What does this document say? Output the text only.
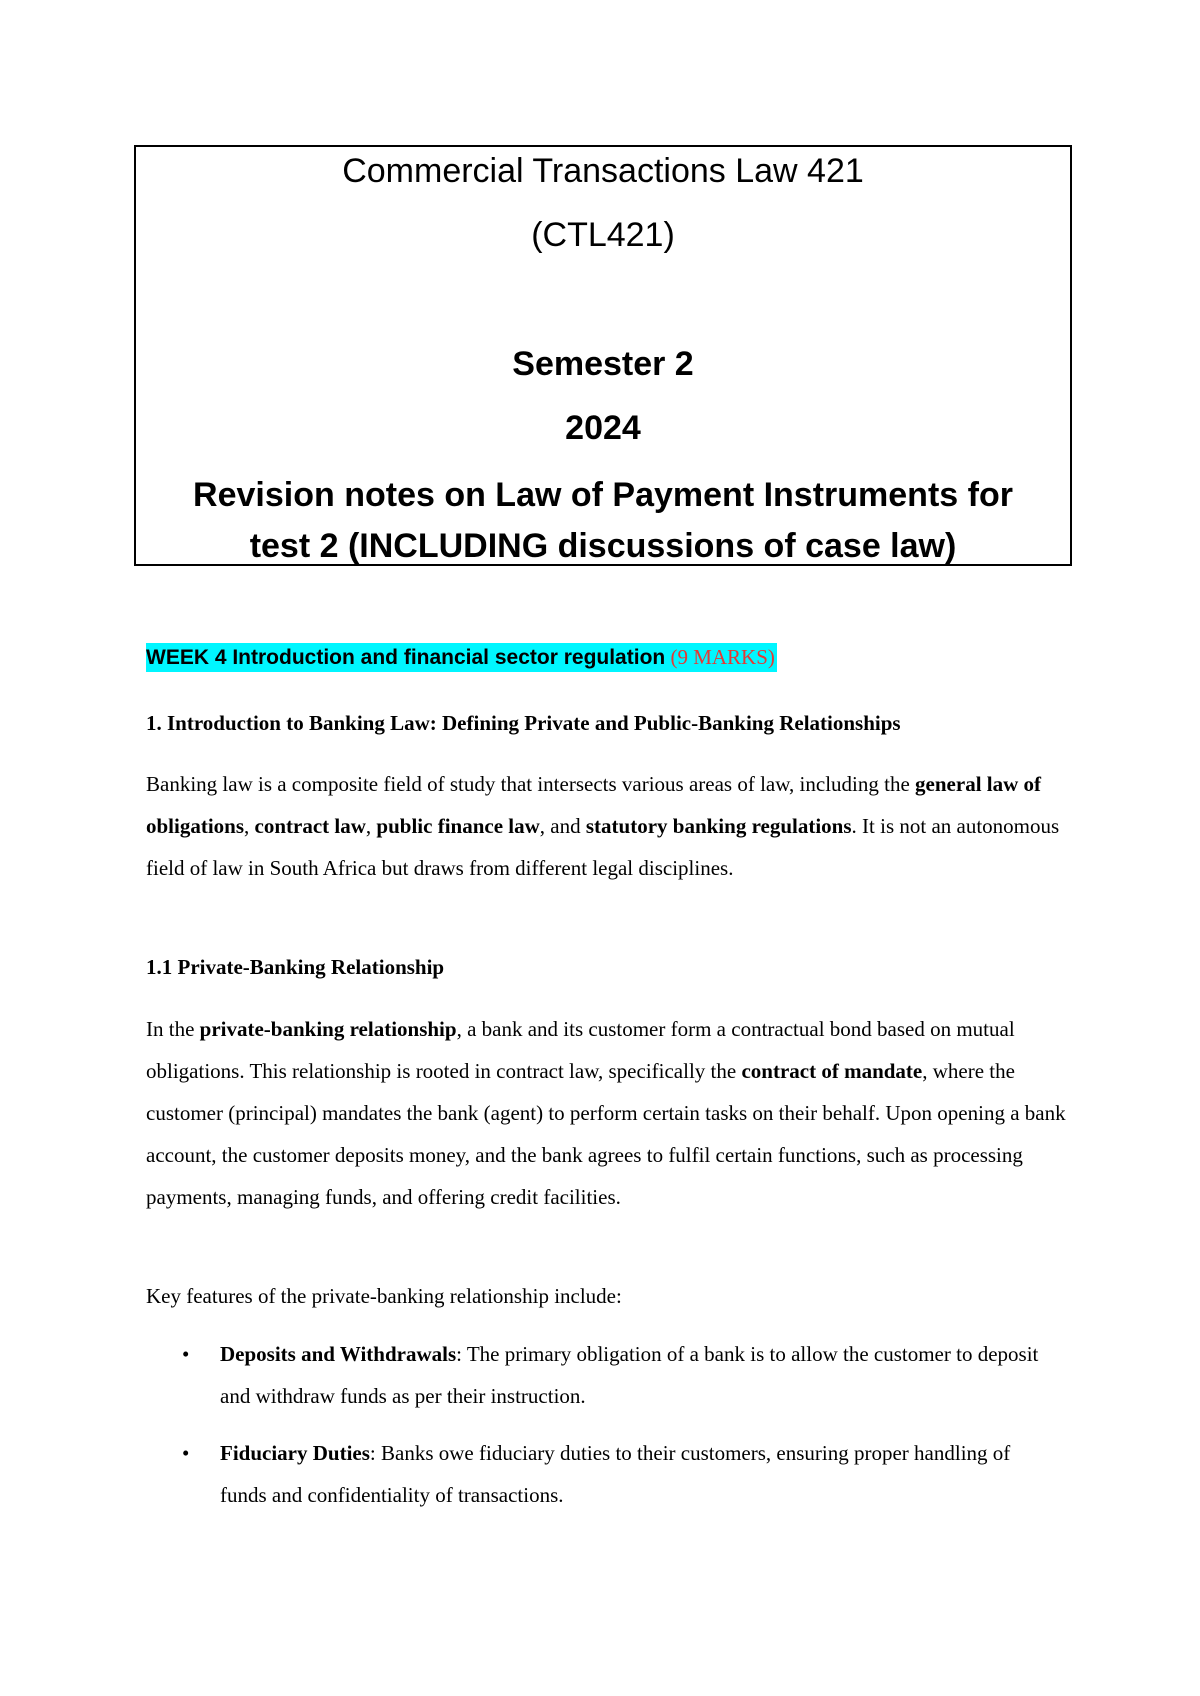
Commercial Transactions Law 421
(CTL421)
Semester 2
2024
Revision notes on Law of Payment Instruments for
test 2 (INCLUDING discussions of case law)
WEEK 4 Introduction and financial sector regulation (9 MARKS)
1. Introduction to Banking Law: Defining Private and Public-Banking Relationships
Banking law is a composite field of study that intersects various areas of law, including the general law of obligations, contract law, public finance law, and statutory banking regulations. It is not an autonomous field of law in South Africa but draws from different legal disciplines.
1.1 Private-Banking Relationship
In the private-banking relationship, a bank and its customer form a contractual bond based on mutual obligations. This relationship is rooted in contract law, specifically the contract of mandate, where the customer (principal) mandates the bank (agent) to perform certain tasks on their behalf. Upon opening a bank account, the customer deposits money, and the bank agrees to fulfil certain functions, such as processing payments, managing funds, and offering credit facilities.
Key features of the private-banking relationship include:
• Deposits and Withdrawals: The primary obligation of a bank is to allow the customer to deposit and withdraw funds as per their instruction.
• Fiduciary Duties: Banks owe fiduciary duties to their customers, ensuring proper handling of funds and confidentiality of transactions.
